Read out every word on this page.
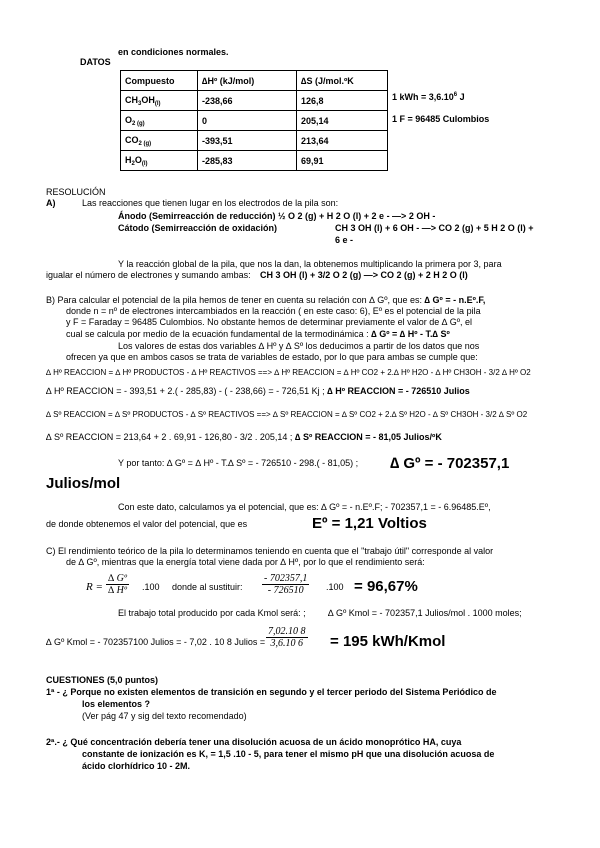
en condiciones normales.
DATOS
Compuesto	∆Hº (kJ/mol)	∆S (J/mol.ºK
$CH_3OH_{(l)}$	-238,66	126,8
$O_{2 (g)}$	0	205,14
$CO_{2 (g)}$	-393,51	213,64
$H_2O_{(l)}$	-285,83	69,91
1 kWh = $3,6.10^6$ J
1 F = 96485 Culombios
RESOLUCIÓN
A)	Las reacciones que tienen lugar en los electrodos de la pila son:
Ánodo (Semirreacción de reducción) ½ O 2 (g) + H 2 O (l) + 2 e - —> 2 OH -
Cátodo (Semirreacción de oxidación)	CH 3 OH (l) + 6 OH - —> CO 2 (g) + 5 H 2 O (l) +
6 e -
Y la reacción global de la pila, que nos la dan, la obtenemos multiplicando la primera por 3, para
igualar el número de electrones y sumando ambas: CH 3 OH (l) + 3/2 O 2 (g) —> CO 2 (g) + 2 H 2 O (l)
B) Para calcular el potencial de la pila hemos de tener en cuenta su relación con ∆ Gº, que es: ∆ Gº = - n.Eº.F,
donde n = nº de electrones intercambiados en la reacción ( en este caso: 6), Eº es el potencial de la pila
y F = Faraday = 96485 Culombios. No obstante hemos de determinar previamente el valor de ∆ Gº, el
cual se calcula por medio de la ecuación fundamental de la termodinámica : ∆ Gº = ∆ Hº - T.∆ Sº
Los valores de estas dos variables ∆ Hº y ∆ Sº los deducimos a partir de los datos que nos
ofrecen ya que en ambos casos se trata de variables de estado, por lo que para ambas se cumple que:
∆ Hº REACCION = ∆ Hº PRODUCTOS - ∆ Hº REACTIVOS ==> ∆ Hº REACCION = ∆ Hº CO2 + 2.∆ Hº H2O - ∆ Hº CH3OH - 3/2 ∆ Hº O2
∆ Hº REACCION = - 393,51 + 2.( - 285,83) - ( - 238,66) = - 726,51 Kj ; ∆ Hº REACCION = - 726510 Julios
∆ Sº REACCION = ∆ Sº PRODUCTOS - ∆ Sº REACTIVOS ==> ∆ Sº REACCION = ∆ Sº CO2 + 2.∆ Sº H2O - ∆ Sº CH3OH - 3/2 ∆ Sº O2
∆ Sº REACCION = 213,64 + 2 . 69,91 - 126,80 - 3/2 . 205,14 ; ∆ Sº REACCION = - 81,05 Julios/ºK
Y por tanto: ∆ Gº = ∆ Hº - T.∆ Sº = - 726510 - 298.( - 81,05) ; ∆ Gº = - 702357,1
Julios/mol
Con este dato, calculamos ya el potencial, que es: ∆ Gº = - n.Eº.F; - 702357,1 = - 6.96485.Eº,
de donde obtenemos el valor del potencial, que es	Eº = 1,21 Voltios
C) El rendimiento teórico de la pila lo determinamos teniendo en cuenta que el "trabajo útil" corresponde al valor
de ∆ Gº, mientras que la energía total viene dada por ∆ Hº, por lo que el rendimiento será:
$R = \frac{\text{∆ Gº}}{\text{∆ Hº}} .100$ donde al sustituir: $\frac{- 702357,1}{- 726510} .100 = 96,67\%$
El trabajo total producido por cada Kmol será: ; ∆ Gº Kmol = - 702357,1 Julios/mol . 1000 moles;
∆ Gº Kmol = - 702357100 Julios = - 7,02 . 10 8 Julios = $\frac{7,02.10 8}{3,6.10 6} = 195$ kWh/Kmol
CUESTIONES (5,0 puntos)
1ª - ¿ Porque no existen elementos de transición en segundo y el tercer periodo del Sistema Periódico de
los elementos ?
(Ver pág 47 y sig del texto recomendado)
2ª.- ¿ Qué concentración debería tener una disolución acuosa de un ácido monoprótico HA, cuya
constante de ionización es K, = 1,5 .10 - 5, para tener el mismo pH que una disolución acuosa de
ácido clorhídrico 10 - 2M.
